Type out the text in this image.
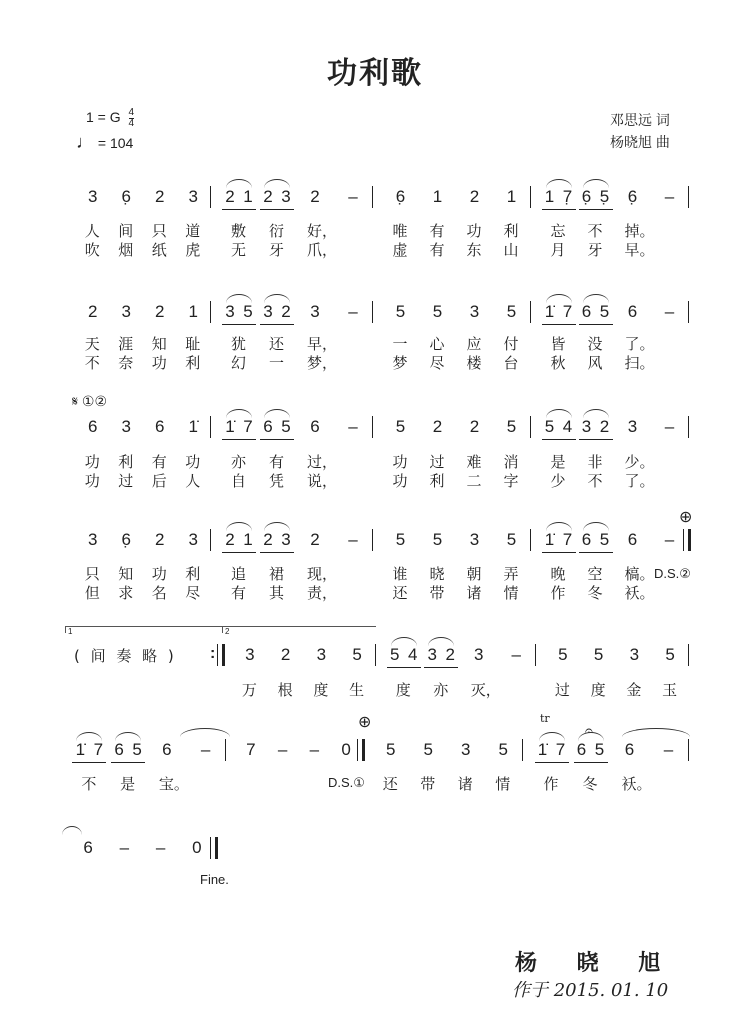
功利歌
1 = G $\frac{4}{4}$
♩ = 104
邓思远 词
杨晓旭 曲
3
人
吹
6̣
间
烟
2
只
纸
3
道
虎
2 1
敷
无
2 3
衍
牙
2
好，
爪，
– 6̣
唯
虚
1
有
有
2
功
东
1
利
山
1 7̣
忘
月
6̣ 5̣
不
牙
6̣
掉。
早。
–
2
天
不
3
涯
奈
2
知
功
1
耻
利
3 5
犹
幻
3 2
还
一
3
早，
梦，
– 5
一
梦
5
心
尽
3
应
楼
5
付
台
1̇ 7
皆
秋
6 5
没
风
6
了。
扫。
–
6
功
功
3
利
过
6
有
后
1̇
功
人
1̇ 7
亦
自
6 5
有
凭
6
过，
说，
– 5
功
功
2
过
利
2
难
二
5
消
字
5 4
是
少
3 2
非
不
3
少。
了。
–
3
只
但
6̣
知
求
2
功
名
3
利
尽
2 1
追
有
2 3
裙
其
2
现，
责，
– 5
谁
还
5
晓
带
3
朝
诸
5
弄
情
1̇ 7
晚
作
6 5
空
冬
6
槁。
袄。
–
( 间 奏 略 ) : 3
万
2
根
3
度
5
生
5 4
度
3 2
亦
3
灭，
– 5
过
5
度
3
金
5
玉
1̇ 7
不
6 5
是
6
宝。
– 7 – – 0 5
还
5
带
3
诸
5
情
1̇ 7
作
6 5
冬
6
袄。
–
6 – – 0
𝄋 ①②
⊕
D.S.②
1	2
⊕	tr
𝄐
D.S.①
Fine.
杨 晓 旭
作于 2015. 01. 10
